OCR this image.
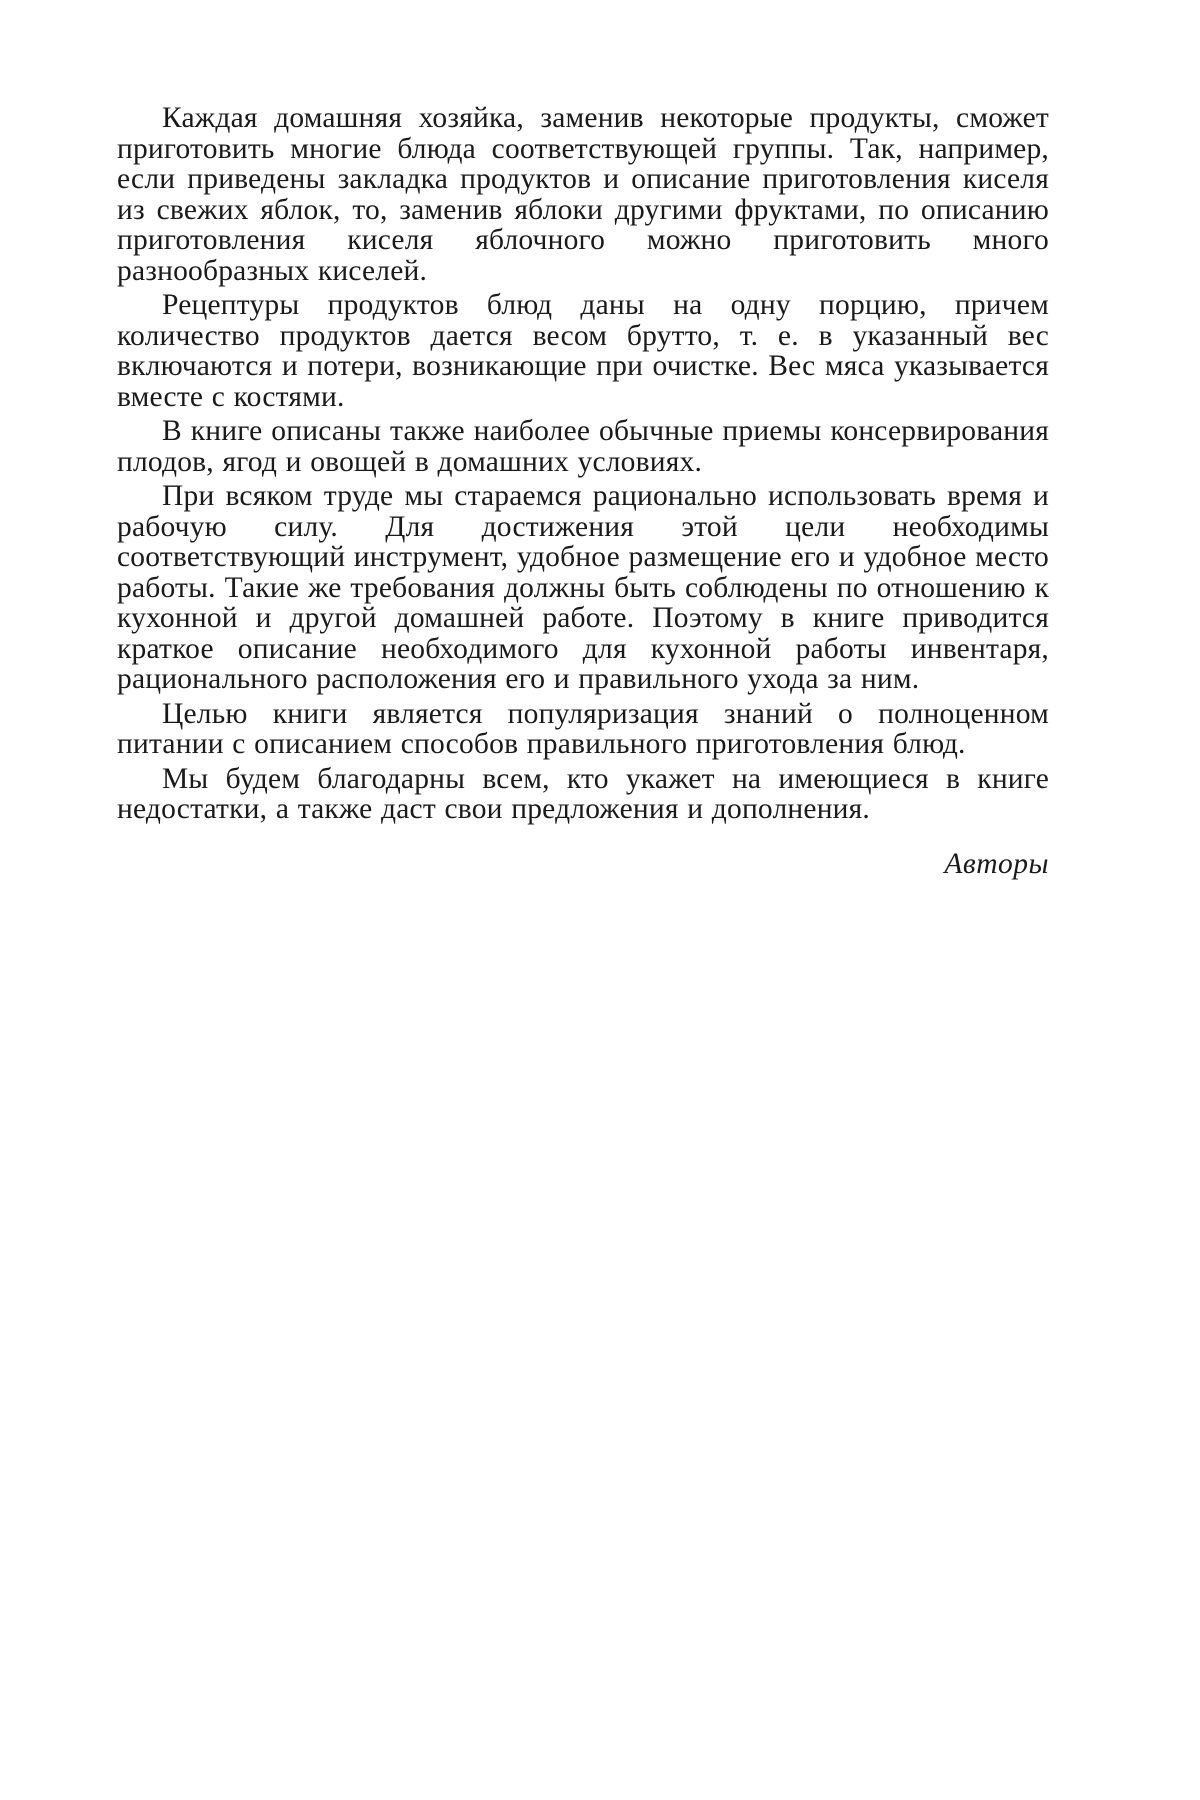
Каждая домашняя хозяйка, заменив некоторые продукты, сможет приготовить многие блюда соответствующей группы. Так, например, если приведены закладка продуктов и описание приготовления киселя из свежих яблок, то, заменив яблоки другими фруктами, по описанию приготовления киселя яблочного можно приготовить много разнообразных киселей.

Рецептуры продуктов блюд даны на одну порцию, причем количество продуктов дается весом брутто, т. е. в указанный вес включаются и потери, возникающие при очистке. Вес мяса указывается вместе с костями.

В книге описаны также наиболее обычные приемы консервирования плодов, ягод и овощей в домашних условиях.

При всяком труде мы стараемся рационально использовать время и рабочую силу. Для достижения этой цели необходимы соответствующий инструмент, удобное размещение его и удобное место работы. Такие же требования должны быть соблюдены по отношению к кухонной и другой домашней работе. Поэтому в книге приводится краткое описание необходимого для кухонной работы инвентаря, рационального расположения его и правильного ухода за ним.

Целью книги является популяризация знаний о полноценном питании с описанием способов правильного приготовления блюд.

Мы будем благодарны всем, кто укажет на имеющиеся в книге недостатки, а также даст свои предложения и дополнения.

Авторы
